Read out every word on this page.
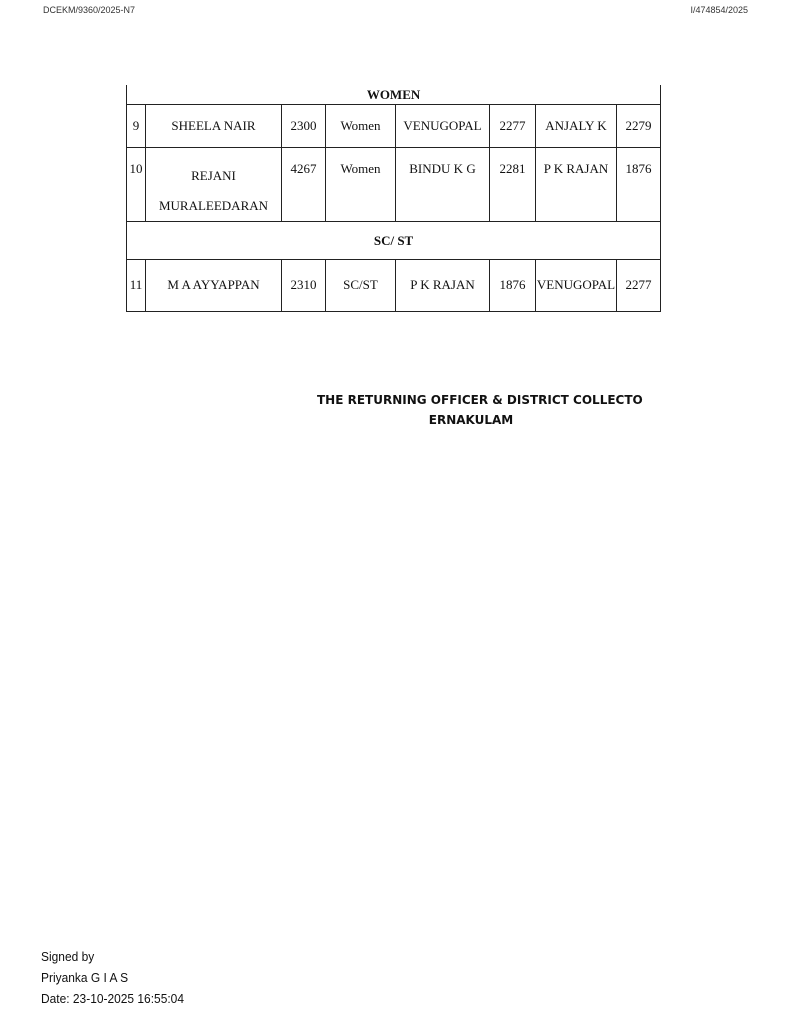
DCEKM/9360/2025-N7	I/474854/2025
WOMEN							
9	SHEELA NAIR	2300	Women	VENUGOPAL	2277	ANJALY K	2279
10	REJANI MURALEEDARAN	4267	Women	BINDU K G	2281	P K RAJAN	1876
SC/ ST							
11	M A AYYAPPAN	2310	SC/ST	P K RAJAN	1876	VENUGOPAL	2277
THE RETURNING OFFICER & DISTRICT COLLECTO
ERNAKULAM
Signed by
Priyanka G I A S
Date: 23-10-2025 16:55:04
